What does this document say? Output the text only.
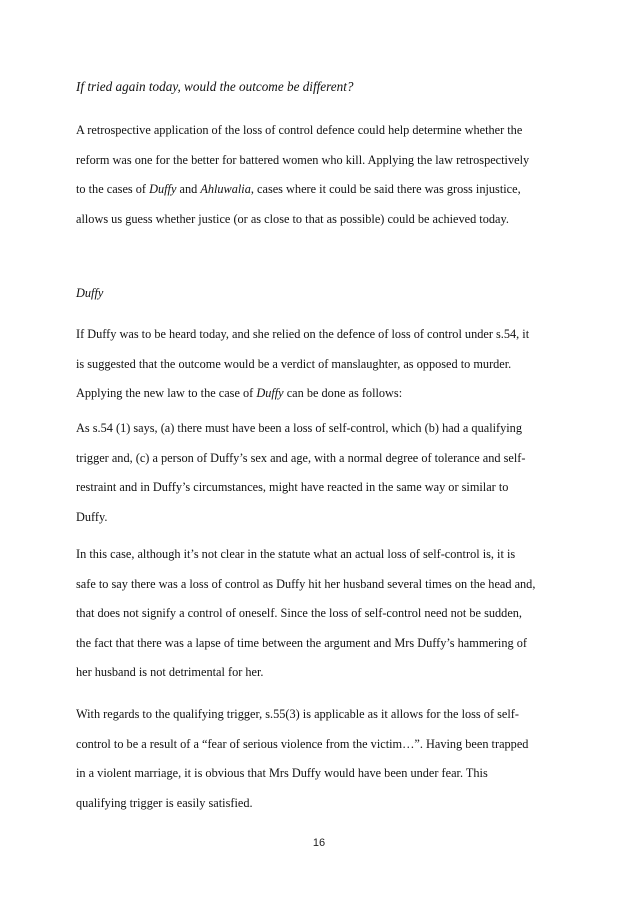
If tried again today, would the outcome be different?
A retrospective application of the loss of control defence could help determine whether the
reform was one for the better for battered women who kill. Applying the law retrospectively
to the cases of Duffy and Ahluwalia, cases where it could be said there was gross injustice,
allows us guess whether justice (or as close to that as possible) could be achieved today.
Duffy
If Duffy was to be heard today, and she relied on the defence of loss of control under s.54, it
is suggested that the outcome would be a verdict of manslaughter, as opposed to murder.
Applying the new law to the case of Duffy can be done as follows:
As s.54 (1) says, (a) there must have been a loss of self-control, which (b) had a qualifying
trigger and, (c) a person of Duffy’s sex and age, with a normal degree of tolerance and self-
restraint and in Duffy’s circumstances, might have reacted in the same way or similar to
Duffy.
In this case, although it’s not clear in the statute what an actual loss of self-control is, it is
safe to say there was a loss of control as Duffy hit her husband several times on the head and,
that does not signify a control of oneself. Since the loss of self-control need not be sudden,
the fact that there was a lapse of time between the argument and Mrs Duffy’s hammering of
her husband is not detrimental for her.
With regards to the qualifying trigger, s.55(3) is applicable as it allows for the loss of self-
control to be a result of a “fear of serious violence from the victim…”. Having been trapped
in a violent marriage, it is obvious that Mrs Duffy would have been under fear. This
qualifying trigger is easily satisfied.
16
